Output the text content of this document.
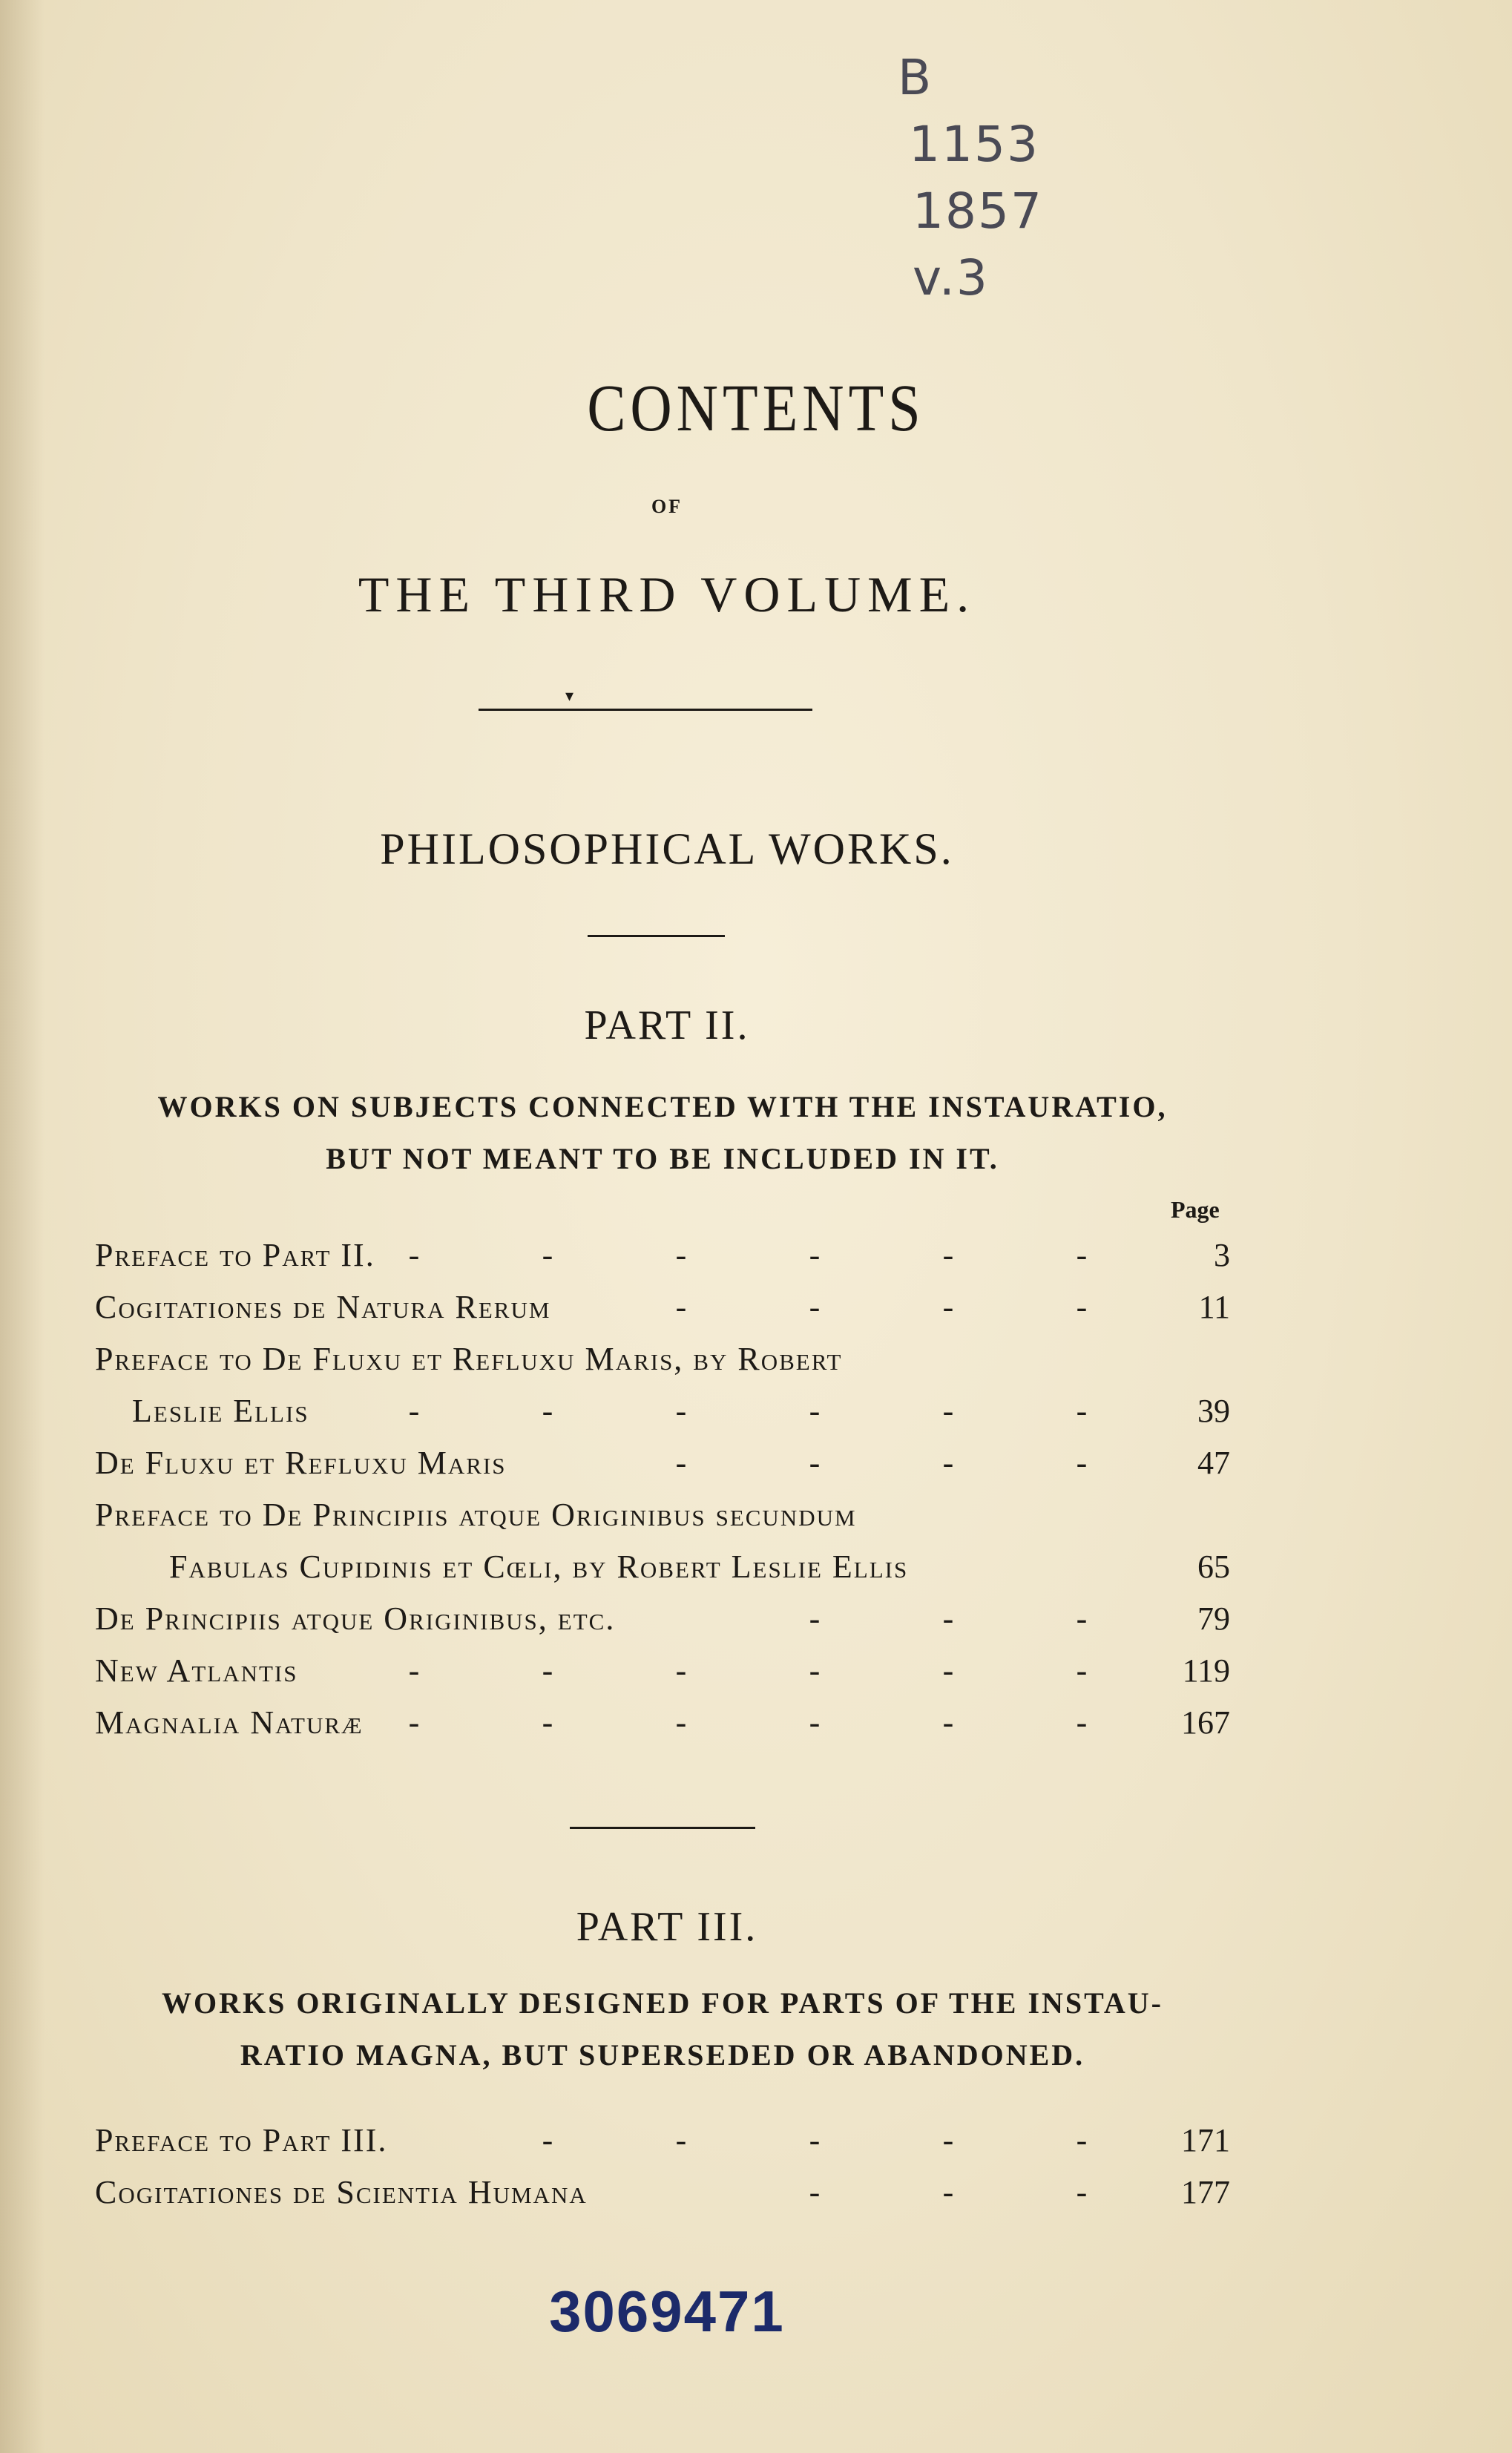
B
1153
1857
v.3
CONTENTS
OF
THE THIRD VOLUME.
▾
PHILOSOPHICAL WORKS.
PART II.
WORKS ON SUBJECTS CONNECTED WITH THE INSTAURATIO,
BUT NOT MEANT TO BE INCLUDED IN IT.
Page
Preface to Part II.	-	-	-	-	-	-	3
Cogitationes de Natura Rerum	-	-	-	-	11
Preface to De Fluxu et Refluxu Maris, by Robert
Leslie Ellis	-	-	-	-	-	-	39
De Fluxu et Refluxu Maris	-	-	-	-	47
Preface to De Principiis atque Originibus secundum
Fabulas Cupidinis et Cœli, by Robert Leslie Ellis	65
De Principiis atque Originibus, etc.	-	-	-	79
New Atlantis	-	-	-	-	-	-	119
Magnalia Naturæ	-	-	-	-	-	-	167
PART III.
WORKS ORIGINALLY DESIGNED FOR PARTS OF THE INSTAU-
RATIO MAGNA, BUT SUPERSEDED OR ABANDONED.
Preface to Part III.	-	-	-	-	-	171
Cogitationes de Scientia Humana	-	-	-	177
3069471
